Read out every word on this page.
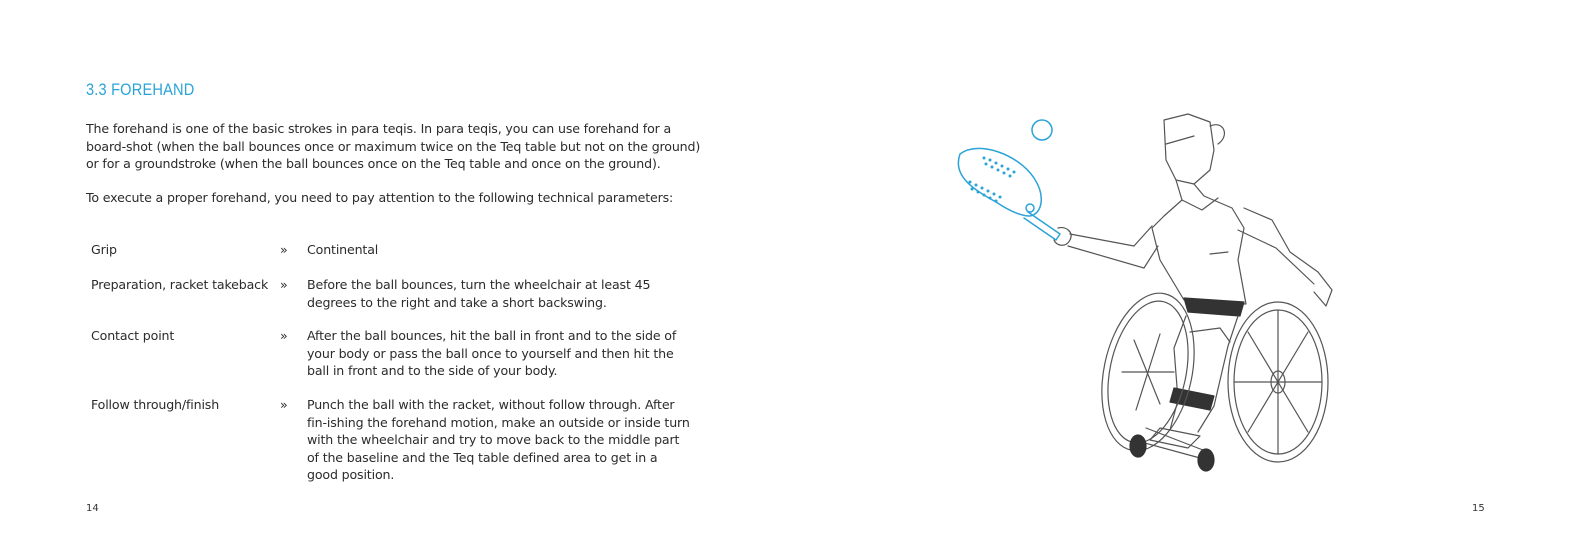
3.3 FOREHAND

The forehand is one of the basic strokes in para teqis. In para teqis, you can use forehand for a board-shot (when the ball bounces once or maximum twice on the Teq table but not on the ground) or for a groundstroke (when the ball bounces once on the Teq table and once on the ground).

To execute a proper forehand, you need to pay attention to the following technical parameters:

Grip	» Continental
Preparation, racket takeback » Before the ball bounces, turn the wheelchair at least 45 degrees to the right and take a short backswing.
Contact point	» After the ball bounces, hit the ball in front and to the side of your body or pass the ball once to yourself and then hit the ball in front and to the side of your body.
Follow through/finish	» Punch the ball with the racket, without follow through. After fin-ishing the forehand motion, make an outside or inside turn with the wheelchair and try to move back to the middle part of the baseline and the Teq table defined area to get in a good position.
14	15
